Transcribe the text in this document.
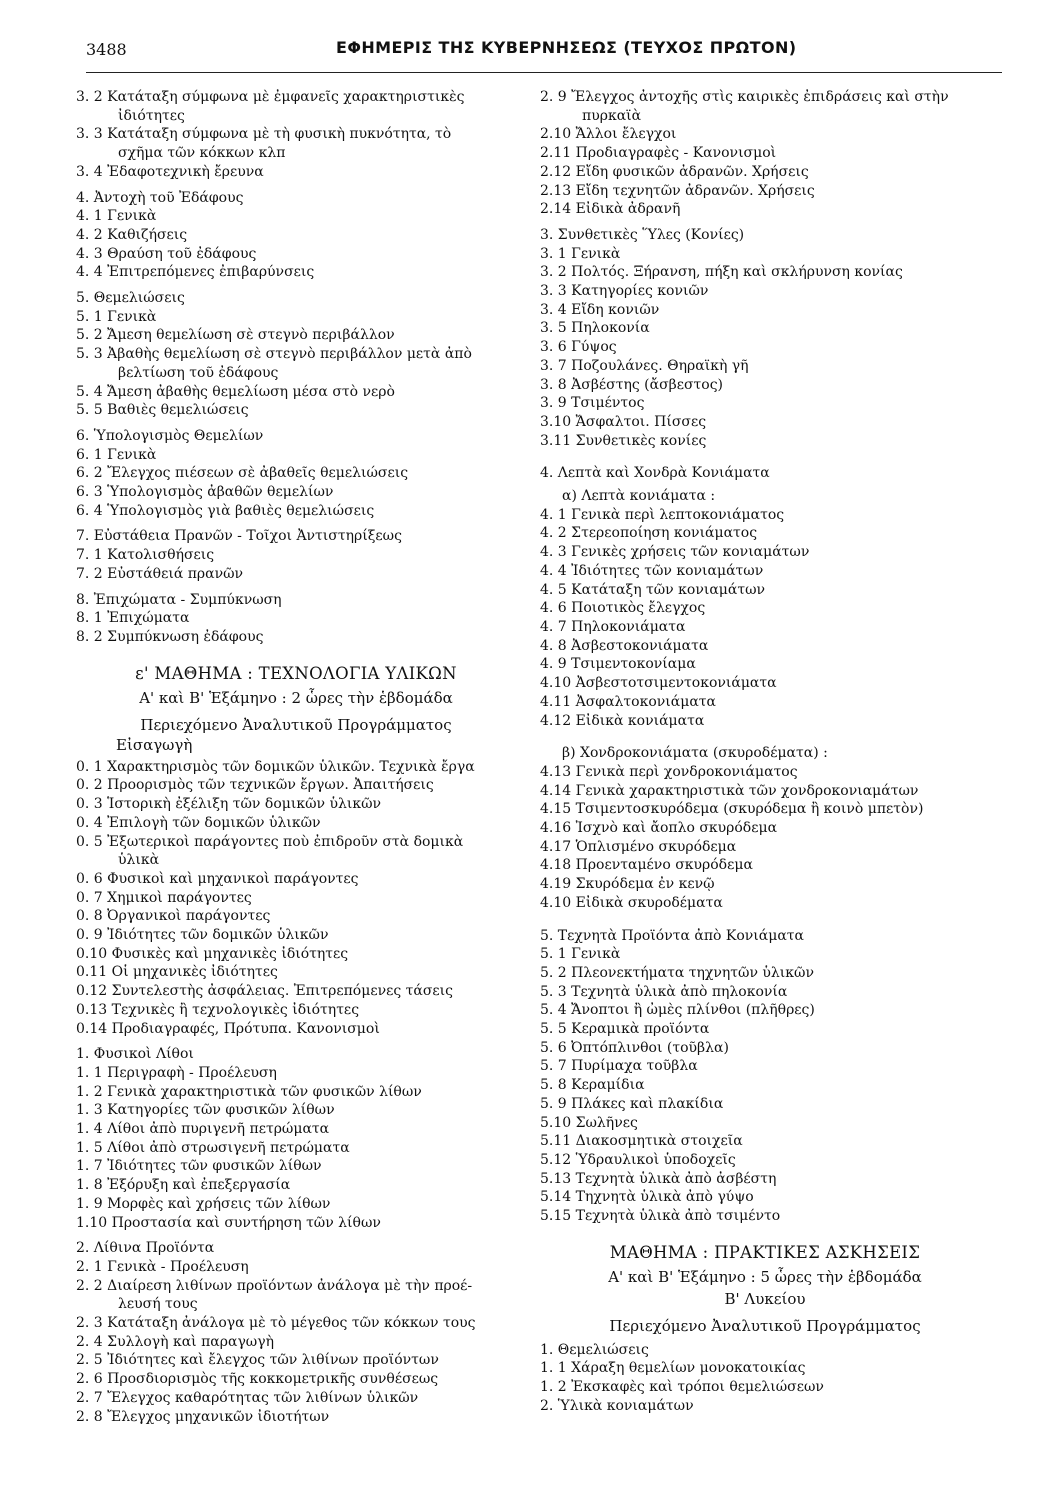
3488	ΕΦΗΜΕΡΙΣ ΤΗΣ ΚΥΒΕΡΝΗΣΕΩΣ (ΤΕΥΧΟΣ ΠΡΩΤΟΝ)
3. 2 Κατάταξη σύμφωνα μὲ ἐμφανεῖς χαρακτηριστικὲς
ἰδιότητες
3. 3 Κατάταξη σύμφωνα μὲ τὴ φυσικὴ πυκνότητα, τὸ
σχῆμα τῶν κόκκων κλπ
3. 4 Ἐδαφοτεχνικὴ ἔρευνα
4. Ἀντοχὴ τοῦ Ἐδάφους
4. 1 Γενικὰ
4. 2 Καθιζήσεις
4. 3 Θραύση τοῦ ἐδάφους
4. 4 Ἐπιτρεπόμενες ἐπιβαρύνσεις
5. Θεμελιώσεις
5. 1 Γενικὰ
5. 2 Ἄμεση θεμελίωση σὲ στεγνὸ περιβάλλον
5. 3 Ἀβαθὴς θεμελίωση σὲ στεγνὸ περιβάλλον μετὰ ἀπὸ
βελτίωση τοῦ ἐδάφους
5. 4 Ἄμεση ἀβαθὴς θεμελίωση μέσα στὸ νερὸ
5. 5 Βαθιὲς θεμελιώσεις
6. Ὑπολογισμὸς Θεμελίων
6. 1 Γενικὰ
6. 2 Ἔλεγχος πιέσεων σὲ ἀβαθεῖς θεμελιώσεις
6. 3 Ὑπολογισμὸς ἀβαθῶν θεμελίων
6. 4 Ὑπολογισμὸς γιὰ βαθιὲς θεμελιώσεις
7. Εὐστάθεια Πρανῶν - Τοῖχοι Ἀντιστηρίξεως
7. 1 Κατολισθήσεις
7. 2 Εὐστάθειά πρανῶν
8. Ἐπιχώματα - Συμπύκνωση
8. 1 Ἐπιχώματα
8. 2 Συμπύκνωση ἐδάφους
ε' ΜΑΘΗΜΑ : ΤΕΧΝΟΛΟΓΙΑ ΥΛΙΚΩΝ
Α' καὶ Β' Ἑξάμηνο : 2 ὧρες τὴν ἑβδομάδα
Περιεχόμενο Ἀναλυτικοῦ Προγράμματος
Εἰσαγωγὴ
0. 1 Χαρακτηρισμὸς τῶν δομικῶν ὑλικῶν. Τεχνικὰ ἔργα
0. 2 Προορισμὸς τῶν τεχνικῶν ἔργων. Ἀπαιτήσεις
0. 3 Ἱστορικὴ ἐξέλιξη τῶν δομικῶν ὑλικῶν
0. 4 Ἐπιλογὴ τῶν δομικῶν ὑλικῶν
0. 5 Ἐξωτερικοὶ παράγοντες ποὺ ἐπιδροῦν στὰ δομικὰ
ὑλικὰ
0. 6 Φυσικοὶ καὶ μηχανικοὶ παράγοντες
0. 7 Χημικοὶ παράγοντες
0. 8 Ὀργανικοὶ παράγοντες
0. 9 Ἰδιότητες τῶν δομικῶν ὑλικῶν
0.10 Φυσικὲς καὶ μηχανικὲς ἰδιότητες
0.11 Οἱ μηχανικὲς ἰδιότητες
0.12 Συντελεστὴς ἀσφάλειας. Ἐπιτρεπόμενες τάσεις
0.13 Τεχνικὲς ἢ τεχνολογικὲς ἰδιότητες
0.14 Προδιαγραφές, Πρότυπα. Κανονισμοὶ
1. Φυσικοὶ Λίθοι
1. 1 Περιγραφὴ - Προέλευση
1. 2 Γενικὰ χαρακτηριστικὰ τῶν φυσικῶν λίθων
1. 3 Κατηγορίες τῶν φυσικῶν λίθων
1. 4 Λίθοι ἀπὸ πυριγενῆ πετρώματα
1. 5 Λίθοι ἀπὸ στρωσιγενῆ πετρώματα
1. 7 Ἰδιότητες τῶν φυσικῶν λίθων
1. 8 Ἐξόρυξη καὶ ἐπεξεργασία
1. 9 Μορφὲς καὶ χρήσεις τῶν λίθων
1.10 Προστασία καὶ συντήρηση τῶν λίθων
2. Λίθινα Προϊόντα
2. 1 Γενικὰ - Προέλευση
2. 2 Διαίρεση λιθίνων προϊόντων ἀνάλογα μὲ τὴν προέ-
λευσή τους
2. 3 Κατάταξη ἀνάλογα μὲ τὸ μέγεθος τῶν κόκκων τους
2. 4 Συλλογὴ καὶ παραγωγὴ
2. 5 Ἰδιότητες καὶ ἔλεγχος τῶν λιθίνων προϊόντων
2. 6 Προσδιορισμὸς τῆς κοκκομετρικῆς συνθέσεως
2. 7 Ἔλεγχος καθαρότητας τῶν λιθίνων ὑλικῶν
2. 8 Ἔλεγχος μηχανικῶν ἰδιοτήτων
2. 9 Ἔλεγχος ἀντοχῆς στὶς καιρικὲς ἐπιδράσεις καὶ στὴν
πυρκαϊὰ
2.10 Ἄλλοι ἔλεγχοι
2.11 Προδιαγραφὲς - Κανονισμοὶ
2.12 Εἴδη φυσικῶν ἀδρανῶν. Χρήσεις
2.13 Εἴδη τεχνητῶν ἀδρανῶν. Χρήσεις
2.14 Εἰδικὰ ἀδρανῆ
3. Συνθετικὲς Ὕλες (Κονίες)
3. 1 Γενικὰ
3. 2 Πολτός. Ξήρανση, πήξη καὶ σκλήρυνση κονίας
3. 3 Κατηγορίες κονιῶν
3. 4 Εἴδη κονιῶν
3. 5 Πηλοκονία
3. 6 Γύψος
3. 7 Ποζουλάνες. Θηραϊκὴ γῆ
3. 8 Ἀσβέστης (ἄσβεστος)
3. 9 Τσιμέντος
3.10 Ἄσφαλτοι. Πίσσες
3.11 Συνθετικὲς κονίες
4. Λεπτὰ καὶ Χονδρὰ Κονιάματα
α) Λεπτὰ κονιάματα :
4. 1 Γενικὰ περὶ λεπτοκονιάματος
4. 2 Στερεοποίηση κονιάματος
4. 3 Γενικὲς χρήσεις τῶν κονιαμάτων
4. 4 Ἰδιότητες τῶν κονιαμάτων
4. 5 Κατάταξη τῶν κονιαμάτων
4. 6 Ποιοτικὸς ἔλεγχος
4. 7 Πηλοκονιάματα
4. 8 Ἀσβεστοκονιάματα
4. 9 Τσιμεντοκονίαμα
4.10 Ἀσβεστοτσιμεντοκονιάματα
4.11 Ἀσφαλτοκονιάματα
4.12 Εἰδικὰ κονιάματα
β) Χονδροκονιάματα (σκυροδέματα) :
4.13 Γενικὰ περὶ χονδροκονιάματος
4.14 Γενικὰ χαρακτηριστικὰ τῶν χονδροκονιαμάτων
4.15 Τσιμεντοσκυρόδεμα (σκυρόδεμα ἢ κοινὸ μπετὸν)
4.16 Ἰσχνὸ καὶ ἄοπλο σκυρόδεμα
4.17 Ὁπλισμένο σκυρόδεμα
4.18 Προενταμένο σκυρόδεμα
4.19 Σκυρόδεμα ἐν κενῷ
4.10 Εἰδικὰ σκυροδέματα
5. Τεχνητὰ Προϊόντα ἀπὸ Κονιάματα
5. 1 Γενικὰ
5. 2 Πλεονεκτήματα τηχνητῶν ὑλικῶν
5. 3 Τεχνητὰ ὑλικὰ ἀπὸ πηλοκονία
5. 4 Ἄνοπτοι ἢ ὠμὲς πλίνθοι (πλῆθρες)
5. 5 Κεραμικὰ προϊόντα
5. 6 Ὀπτόπλινθοι (τοῦβλα)
5. 7 Πυρίμαχα τοῦβλα
5. 8 Κεραμίδια
5. 9 Πλάκες καὶ πλακίδια
5.10 Σωλῆνες
5.11 Διακοσμητικὰ στοιχεῖα
5.12 Ὑδραυλικοὶ ὑποδοχεῖς
5.13 Τεχνητὰ ὑλικὰ ἀπὸ ἀσβέστη
5.14 Τηχνητὰ ὑλικὰ ἀπὸ γύψο
5.15 Τεχνητὰ ὑλικὰ ἀπὸ τσιμέντο
ΜΑΘΗΜΑ : ΠΡΑΚΤΙΚΕΣ ΑΣΚΗΣΕΙΣ
Α' καὶ Β' Ἑξάμηνο : 5 ὧρες τὴν ἑβδομάδα
Β' Λυκείου
Περιεχόμενο Ἀναλυτικοῦ Προγράμματος
1. Θεμελιώσεις
1. 1 Χάραξη θεμελίων μονοκατοικίας
1. 2 Ἐκσκαφὲς καὶ τρόποι θεμελιώσεων
2. Ὑλικὰ κονιαμάτων
